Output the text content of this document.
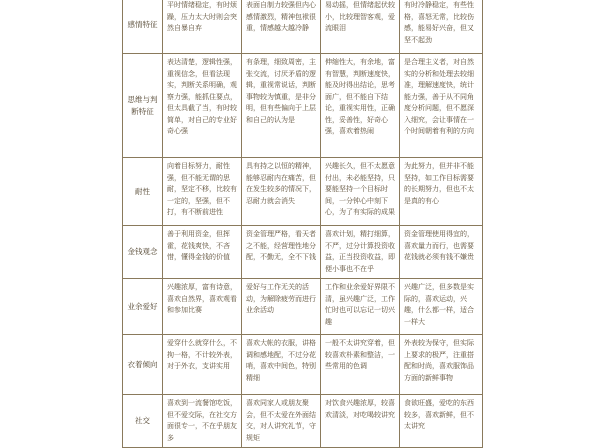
感情特征	平时情绪稳定，有时烦躁，压力太大时则会突然自暴自弃	表面自制力较强但内心感情激烈，精神包袱很重，情感越大越冷静	易动摇，但情绪起伏较小，比较理智客观，爱流眼泪	有时冷静稳定，有些性格，喜怒无常，比较伤感，能易好兴奋，但又坚不起劲

思维与判断特征	表达清楚，逻辑性强，重视信念，但看法现实，判断关系明确，观察力强，能抓住要点，但太具截了当，有时较简单，对自己的专业好奇心强	有条理，细致周密，主张交流，讨厌矛盾的逻辑，重视常说话，判断事物较为慎重，是非分明，但有些偏向于上层和自己的认为是	伸缩性大，有余地，富有智慧，判断速度快，能及时得出结论，思考面广，但不能自下结论，重视实用性，正确性，妥善性，好奇心强，喜欢着热闹	是合理主义者，对自然实的分析和处理去较细准，理解速度快，统计能力强，善于从不同角度分析问题，但不愿深入细究，会让事情在一个时间朝着有利的方向

耐性	向着目标努力，耐性强，但不能无谓的思耐，坚定不移，比较有一定的，坚强，但不打，有不断前进性	具有持之以恒的精神，能够忍耐内在痛苦，但在发生较多的情况下，忍耐力就会消失	兴趣长久，但不太愿意付出，未必能坚持，只要能坚持一个目标时间，一分钟心中刻下心，为了有实际的成果	为此努力，但并非不能坚持，如工作目标需要的长期努力，但也不太是真的有心

金钱观念	善于利用资金，但挥霍，花钱爽快，不吝惜，懂得金钱的价值	资金管理严格，看天者之不能，经营理性地分配，不勤无，全不下钱	喜欢计划，精打细算，不严，过分计算投资收益，正当投资收益，即便小事也不在乎	资金管理使用得宜的，喜欢量力而行，也需要花钱就必须有钱不嫌贵

业余爱好	兴趣浓厚，富有诗意，喜欢自然界，喜欢观看和参加比赛	爱好与工作无关的活动，为解除疲劳而进行业余活动	工作和业余爱好界限不清，虽兴趣广泛，工作忙时也可以忘记一切兴趣	兴趣广泛，但多数是实际的，喜欢运动，兴趣，什么都一样，适合一样大

衣着倾向	爱穿什么就穿什么，不拘一格，不计较外表，对于外衣，支讲实用	喜欢大帐的衣服，讲格调和感地配，不过分花哨，喜欢中间色，特别精细	一般不太讲究穿着，但较喜欢朴素和整洁，一些常用的色调	外表较为保守，但实际上要求的极严，注重搭配和时尚，喜欢服饰品方面的新鲜事物

社交	喜欢到一流餐馆吃饭，但不爱交际，在社交方面很专一，不在乎朋友多	喜欢同家人或朋友聚会，但不太爱在外面结交，对人讲究礼节，守规矩	对饮食兴趣浓厚，较喜欢清淡，对吃喝较讲究	食欲旺盛，爱吃的东西较多，喜欢新鲜，但不太讲究
